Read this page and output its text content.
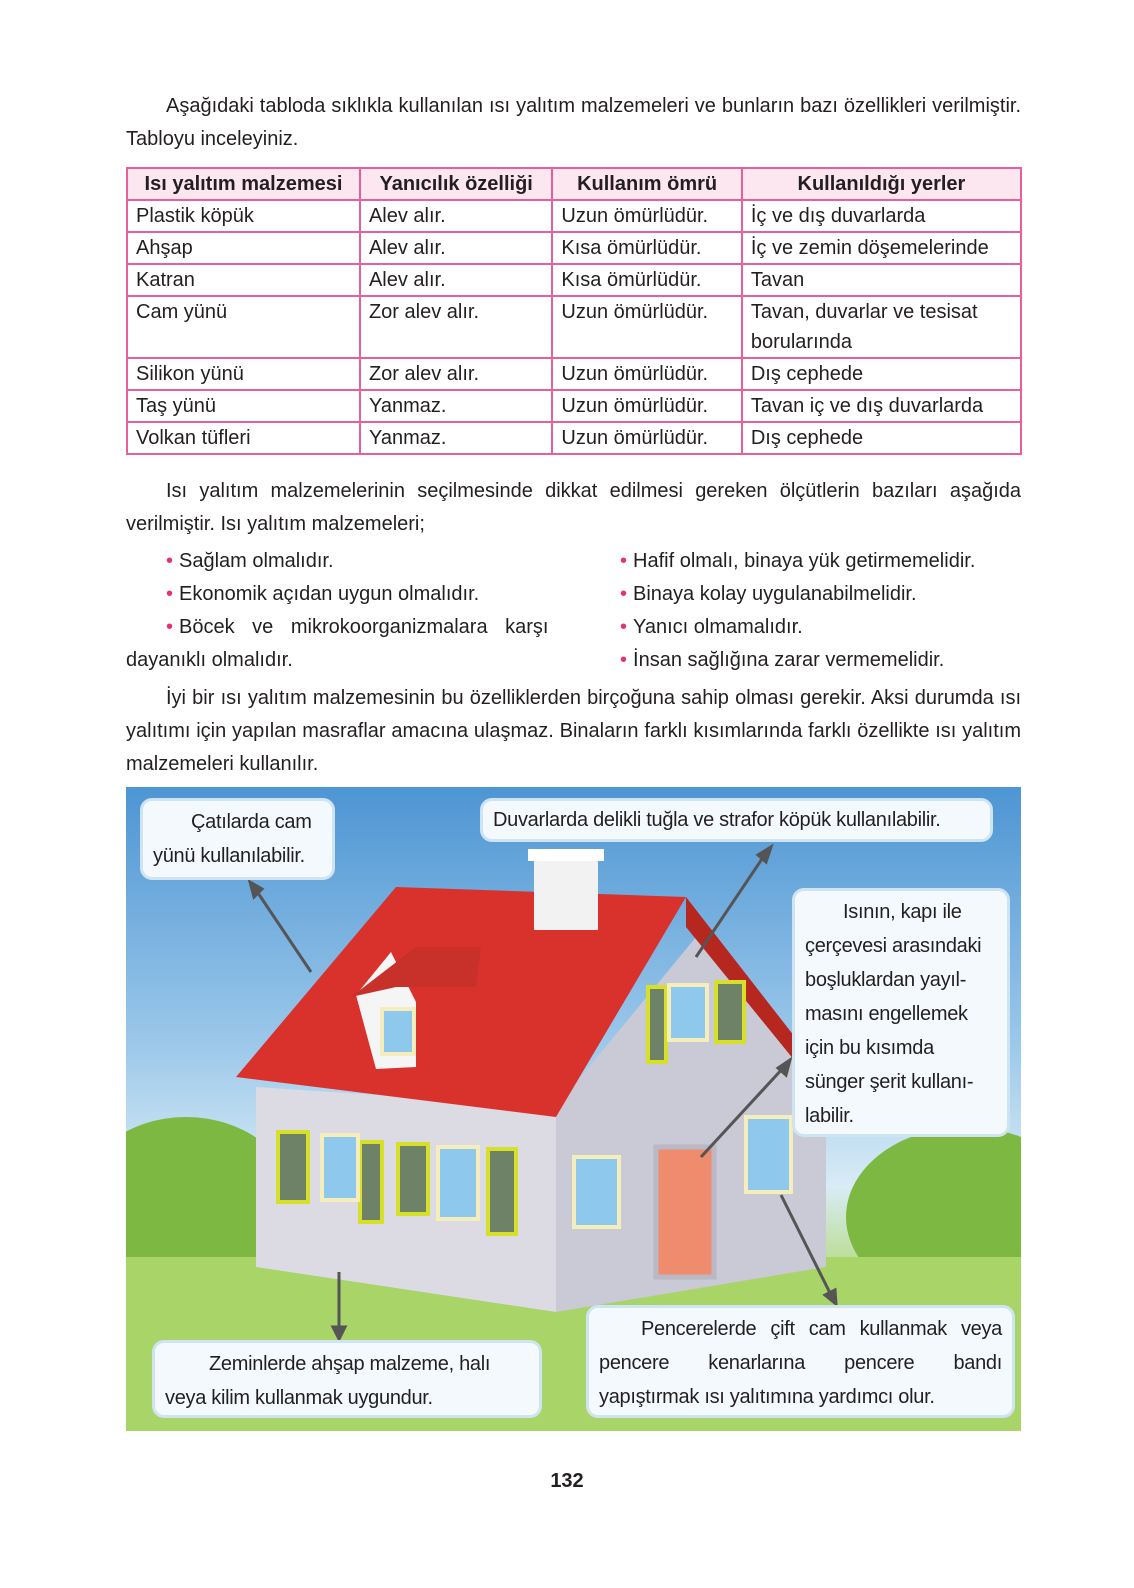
Aşağıdaki tabloda sıklıkla kullanılan ısı yalıtım malzemeleri ve bunların bazı özellikleri verilmiştir. Tabloyu inceleyiniz.
Isı yalıtım malzemesi	Yanıcılık özelliği	Kullanım ömrü	Kullanıldığı yerler
Plastik köpük	Alev alır.	Uzun ömürlüdür.	İç ve dış duvarlarda
Ahşap	Alev alır.	Kısa ömürlüdür.	İç ve zemin döşemelerinde
Katran	Alev alır.	Kısa ömürlüdür.	Tavan
Cam yünü	Zor alev alır.	Uzun ömürlüdür.	Tavan, duvarlar ve tesisat borularında
Silikon yünü	Zor alev alır.	Uzun ömürlüdür.	Dış cephede
Taş yünü	Yanmaz.	Uzun ömürlüdür.	Tavan iç ve dış duvarlarda
Volkan tüfleri	Yanmaz.	Uzun ömürlüdür.	Dış cephede
Isı yalıtım malzemelerinin seçilmesinde dikkat edilmesi gereken ölçütlerin bazıları aşağıda verilmiştir. Isı yalıtım malzemeleri;
• Sağlam olmalıdır.
• Ekonomik açıdan uygun olmalıdır.
• Böcek ve mikrokoorganizmalara karşı
dayanıklı olmalıdır.
• Hafif olmalı, binaya yük getirmemelidir.
• Binaya kolay uygulanabilmelidir.
• Yanıcı olmamalıdır.
• İnsan sağlığına zarar vermemelidir.
İyi bir ısı yalıtım malzemesinin bu özelliklerden birçoğuna sahip olması gerekir. Aksi durumda ısı yalıtımı için yapılan masraflar amacına ulaşmaz. Binaların farklı kısımlarında farklı özellikte ısı yalıtım malzemeleri kullanılır.
Çatılarda cam yünü kullanılabilir.
Duvarlarda delikli tuğla ve strafor köpük kullanılabilir.
Isının, kapı ile çerçevesi arasındaki boşluklardan yayıl-masını engellemek için bu kısımda sünger şerit kullanı-labilir.
Zeminlerde ahşap malzeme, halı veya kilim kullanmak uygundur.
Pencerelerde çift cam kullanmak veya pencere kenarlarına pencere bandı yapıştırmak ısı yalıtımına yardımcı olur.
132
